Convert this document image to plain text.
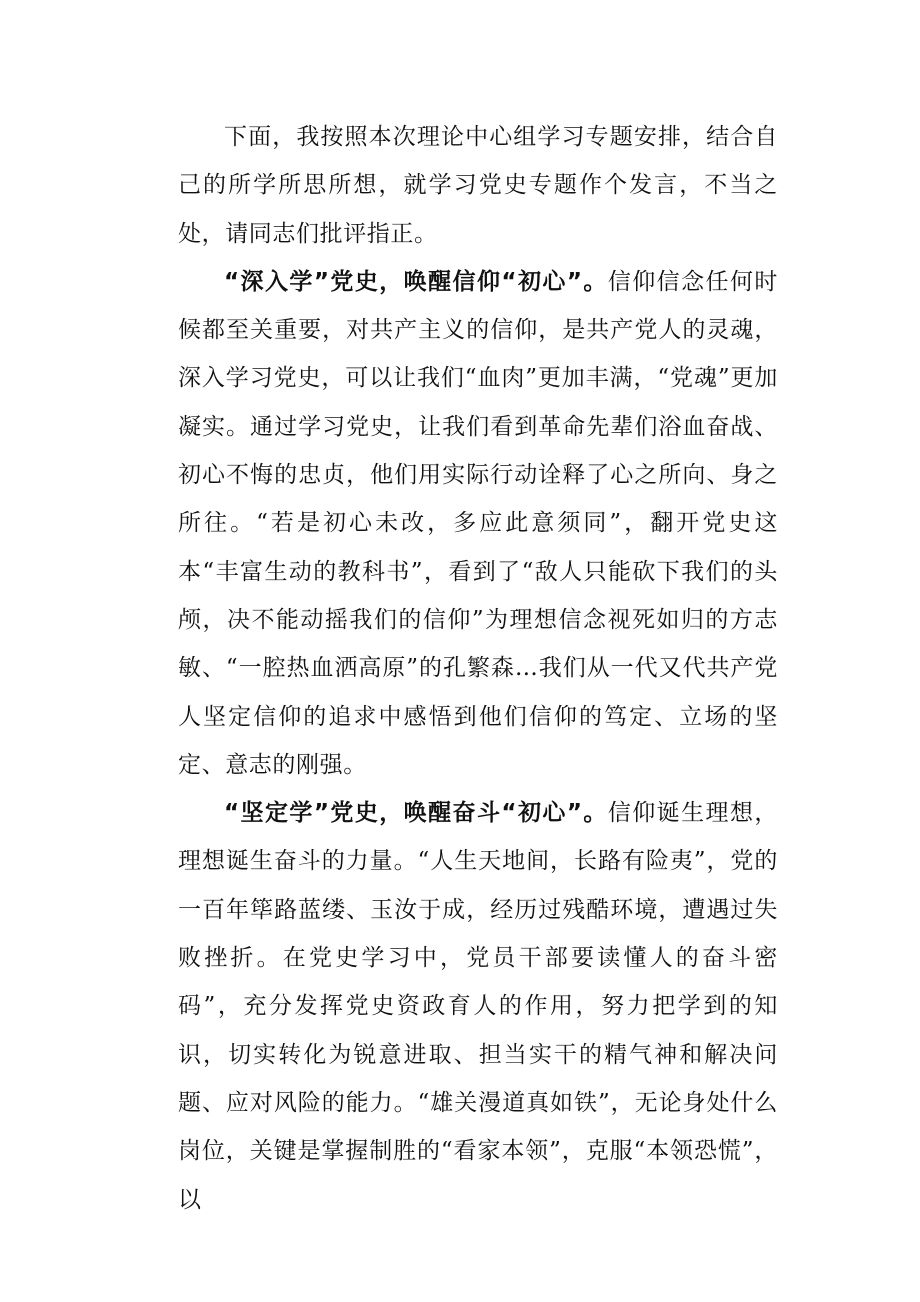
下面，我按照本次理论中心组学习专题安排，结合自己的所学所思所想，就学习党史专题作个发言，不当之处，请同志们批评指正。

“深入学”党史，唤醒信仰“初心”。信仰信念任何时候都至关重要，对共产主义的信仰，是共产党人的灵魂，深入学习党史，可以让我们“血肉”更加丰满，“党魂”更加凝实。通过学习党史，让我们看到革命先辈们浴血奋战、初心不悔的忠贞，他们用实际行动诠释了心之所向、身之所往。“若是初心未改，多应此意须同”，翻开党史这本“丰富生动的教科书”，看到了“敌人只能砍下我们的头颅，决不能动摇我们的信仰”为理想信念视死如归的方志敏、“一腔热血洒高原”的孔繁森…我们从一代又代共产党人坚定信仰的追求中感悟到他们信仰的笃定、立场的坚定、意志的刚强。

“坚定学”党史，唤醒奋斗“初心”。信仰诞生理想，理想诞生奋斗的力量。“人生天地间，长路有险夷”，党的一百年筚路蓝缕、玉汝于成，经历过残酷环境，遭遇过失败挫折。在党史学习中，党员干部要读懂人的奋斗密码”，充分发挥党史资政育人的作用，努力把学到的知识，切实转化为锐意进取、担当实干的精气神和解决问题、应对风险的能力。“雄关漫道真如铁”，无论身处什么岗位，关键是掌握制胜的“看家本领”，克服“本领恐慌”，以
